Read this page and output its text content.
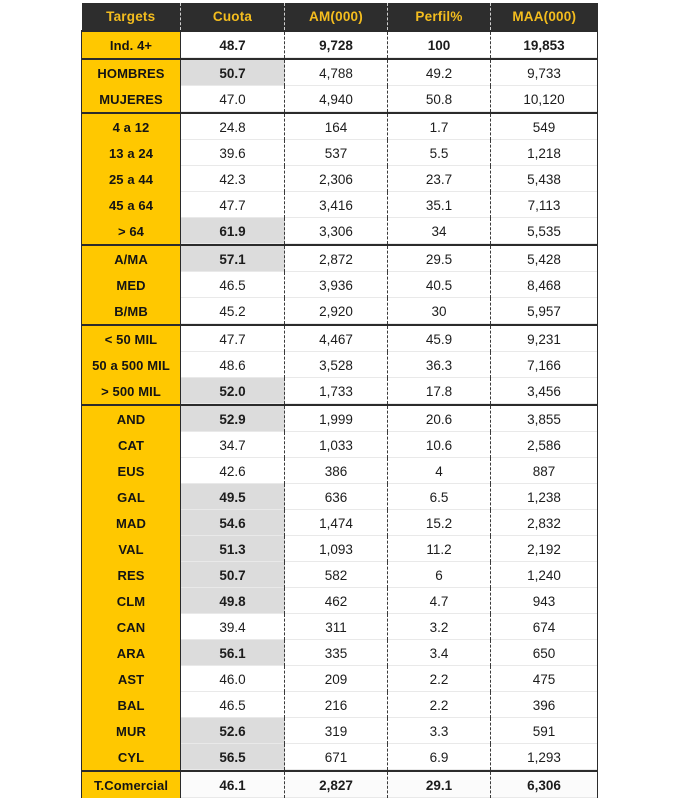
Targets	Cuota	AM(000)	Perfil%	MAA(000)
Ind. 4+	48.7	9,728	100	19,853
HOMBRES	50.7	4,788	49.2	9,733
MUJERES	47.0	4,940	50.8	10,120
4 a 12	24.8	164	1.7	549
13 a 24	39.6	537	5.5	1,218
25 a 44	42.3	2,306	23.7	5,438
45 a 64	47.7	3,416	35.1	7,113
> 64	61.9	3,306	34	5,535
A/MA	57.1	2,872	29.5	5,428
MED	46.5	3,936	40.5	8,468
B/MB	45.2	2,920	30	5,957
< 50 MIL	47.7	4,467	45.9	9,231
50 a 500 MIL	48.6	3,528	36.3	7,166
> 500 MIL	52.0	1,733	17.8	3,456
AND	52.9	1,999	20.6	3,855
CAT	34.7	1,033	10.6	2,586
EUS	42.6	386	4	887
GAL	49.5	636	6.5	1,238
MAD	54.6	1,474	15.2	2,832
VAL	51.3	1,093	11.2	2,192
RES	50.7	582	6	1,240
CLM	49.8	462	4.7	943
CAN	39.4	311	3.2	674
ARA	56.1	335	3.4	650
AST	46.0	209	2.2	475
BAL	46.5	216	2.2	396
MUR	52.6	319	3.3	591
CYL	56.5	671	6.9	1,293
T.Comercial	46.1	2,827	29.1	6,306
